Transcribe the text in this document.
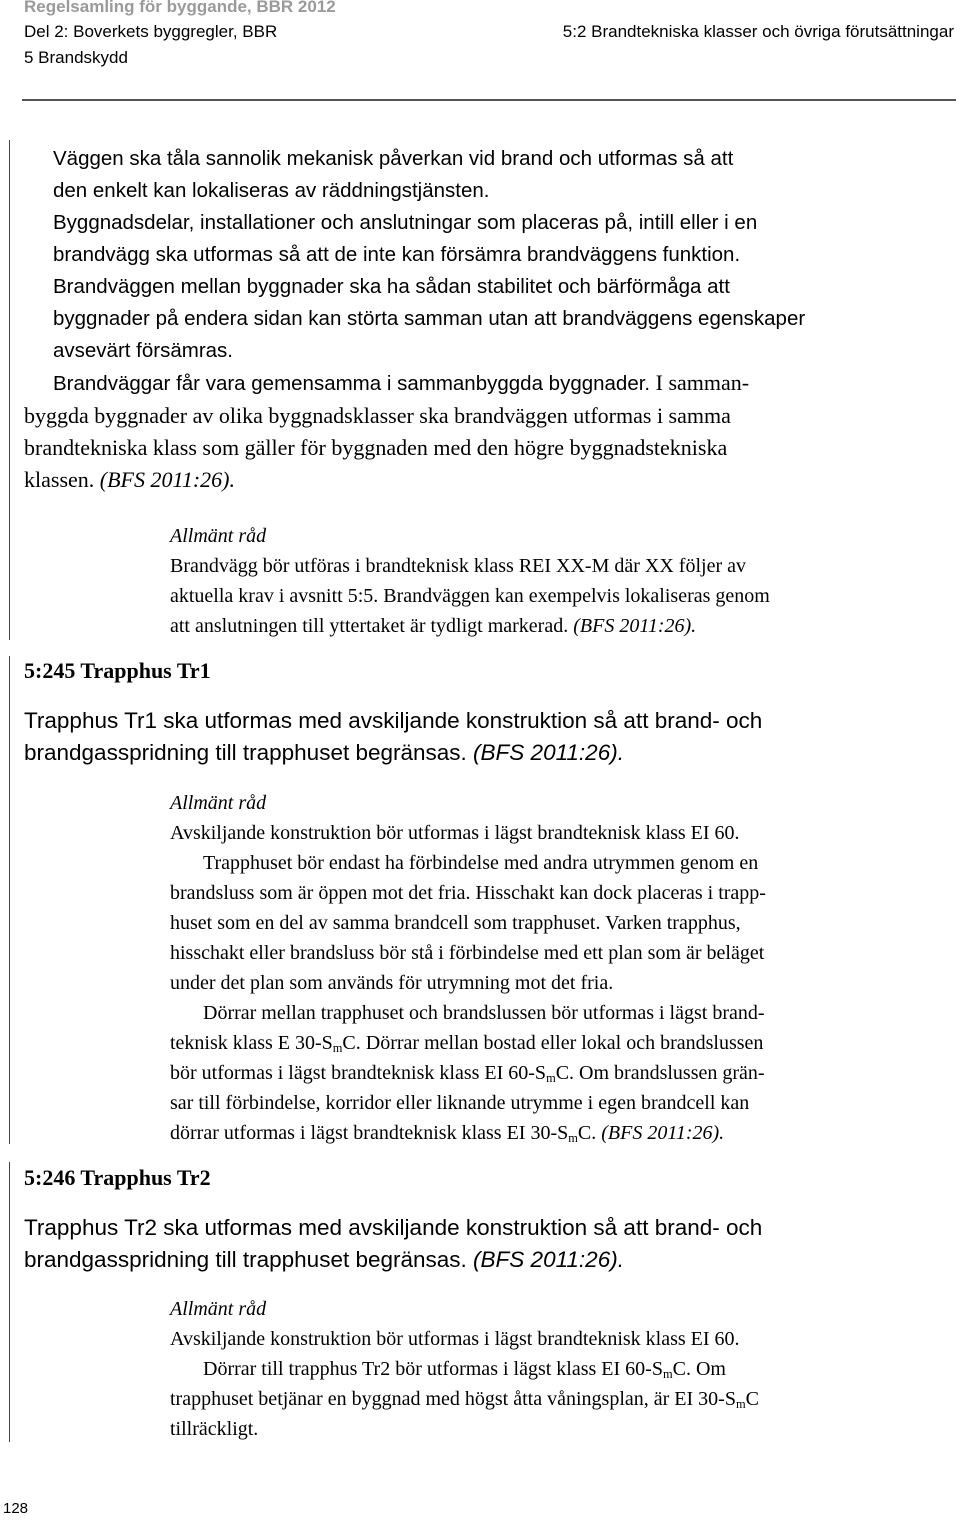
Regelsamling för byggande, BBR 2012
Del 2: Boverkets byggregler, BBR
5 Brandskydd
5:2 Brandtekniska klasser och övriga förutsättningar

Väggen ska tåla sannolik mekanisk påverkan vid brand och utformas så att
den enkelt kan lokaliseras av räddningstjänsten.

Byggnadsdelar, installationer och anslutningar som placeras på, intill eller i en
brandvägg ska utformas så att de inte kan försämra brandväggens funktion.

Brandväggen mellan byggnader ska ha sådan stabilitet och bärförmåga att
byggnader på endera sidan kan störta samman utan att brandväggens egenskaper
avsevärt försämras.

Brandväggar får vara gemensamma i sammanbyggda byggnader. I samman-
byggda byggnader av olika byggnadsklasser ska brandväggen utformas i samma
brandtekniska klass som gäller för byggnaden med den högre byggnadstekniska
klassen. (BFS 2011:26).

Allmänt råd

Brandvägg bör utföras i brandteknisk klass REI XX-M där XX följer av
aktuella krav i avsnitt 5:5. Brandväggen kan exempelvis lokaliseras genom
att anslutningen till yttertaket är tydligt markerad. (BFS 2011:26).

5:245 Trapphus Tr1

Trapphus Tr1 ska utformas med avskiljande konstruktion så att brand- och
brandgasspridning till trapphuset begränsas. (BFS 2011:26).

Allmänt råd

Avskiljande konstruktion bör utformas i lägst brandteknisk klass EI 60.

Trapphuset bör endast ha förbindelse med andra utrymmen genom en
brandsluss som är öppen mot det fria. Hisschakt kan dock placeras i trapp-
huset som en del av samma brandcell som trapphuset. Varken trapphus,
hisschakt eller brandsluss bör stå i förbindelse med ett plan som är beläget
under det plan som används för utrymning mot det fria.

Dörrar mellan trapphuset och brandslussen bör utformas i lägst brand-
teknisk klass E $30-S_mC$. Dörrar mellan bostad eller lokal och brandslussen
bör utformas i lägst brandteknisk klass EI $60-S_mC$. Om brandslussen grän-
sar till förbindelse, korridor eller liknande utrymme i egen brandcell kan
dörrar utformas i lägst brandteknisk klass EI $30-S_mC$. (BFS 2011:26).

5:246 Trapphus Tr2

Trapphus Tr2 ska utformas med avskiljande konstruktion så att brand- och
brandgasspridning till trapphuset begränsas. (BFS 2011:26).

Allmänt råd

Avskiljande konstruktion bör utformas i lägst brandteknisk klass EI 60.

Dörrar till trapphus Tr2 bör utformas i lägst klass EI $60-S_mC$. Om
trapphuset betjänar en byggnad med högst åtta våningsplan, är EI $30-S_mC$
tillräckligt.

128
